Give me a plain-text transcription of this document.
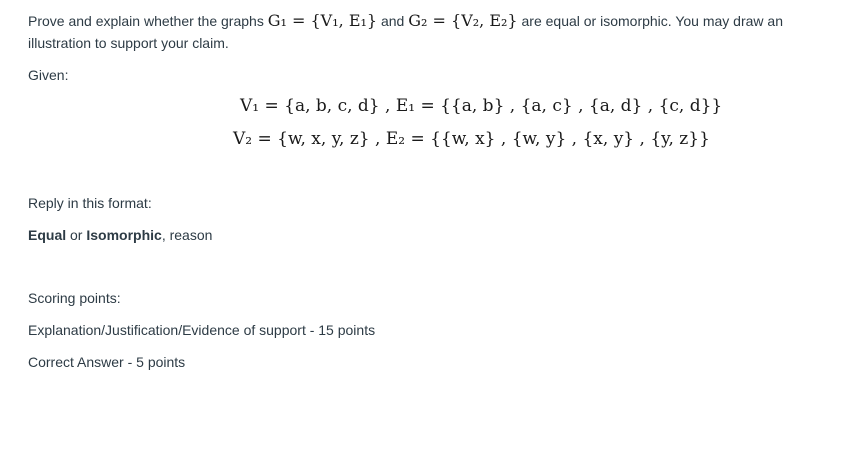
Prove and explain whether the graphs G₁ = {V₁, E₁} and G₂ = {V₂, E₂} are equal or isomorphic. You may draw an
illustration to support your claim.
Given:
V₁ = {a, b, c, d} , E₁ = {{a, b} , {a, c} , {a, d} , {c, d}}
V₂ = {w, x, y, z} , E₂ = {{w, x} , {w, y} , {x, y} , {y, z}}
Reply in this format:
Equal or Isomorphic, reason
Scoring points:
Explanation/Justification/Evidence of support - 15 points
Correct Answer - 5 points
